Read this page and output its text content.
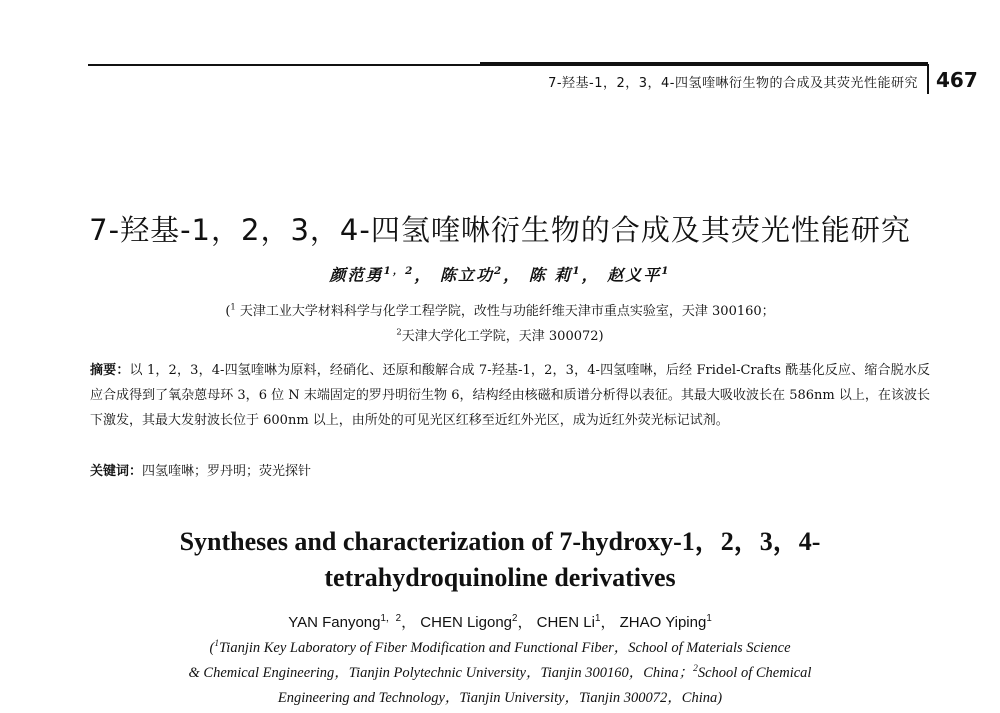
7-羟基-1，2，3，4-四氢喹啉衍生物的合成及其荧光性能研究 467
7-羟基-1，2，3，4-四氢喹啉衍生物的合成及其荧光性能研究
颜范勇$^{1,2}$， 陈立功$^2$， 陈 莉$^1$， 赵义平$^1$
($^1$ 天津工业大学材料科学与化学工程学院，改性与功能纤维天津市重点实验室，天津 300160；
$^2$天津大学化工学院，天津 300072)
摘要：以 1，2，3，4-四氢喹啉为原料，经硝化、还原和酸解合成 7-羟基-1，2，3，4-四氢喹啉，后经 Fridel-Crafts 酰基化反应、缩合脱水反应合成得到了氧杂蒽母环 3，6 位 N 末端固定的罗丹明衍生物 6，结构经由核磁和质谱分析得以表征。其最大吸收波长在 586nm 以上，在该波长下激发，其最大发射波长位于 600nm 以上，由所处的可见光区红移至近红外光区，成为近红外荧光标记试剂。
关键词：四氢喹啉；罗丹明；荧光探针
Syntheses and characterization of 7-hydroxy-1，2，3，4-
tetrahydroquinoline derivatives
YAN Fanyong$^{1,2}$， CHEN Ligong$^2$， CHEN Li$^1$， ZHAO Yiping$^1$
($^1$Tianjin Key Laboratory of Fiber Modification and Functional Fiber，School of Materials Science
& Chemical Engineering，Tianjin Polytechnic University，Tianjin 300160，China；$^2$School of Chemical
Engineering and Technology，Tianjin University，Tianjin 300072，China)
